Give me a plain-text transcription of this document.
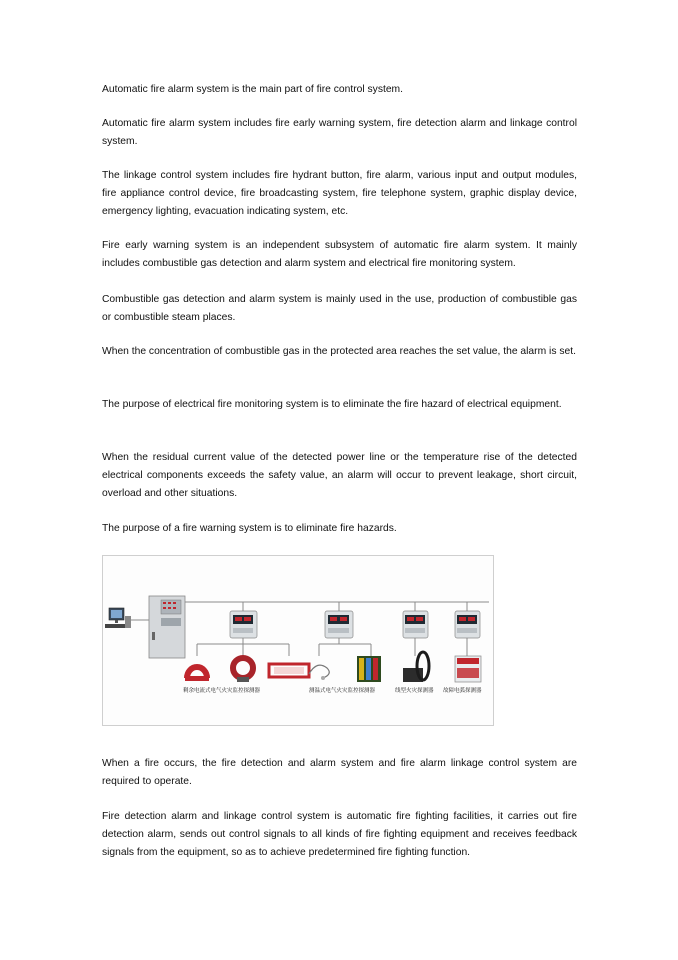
Automatic fire alarm system is the main part of fire control system.

Automatic fire alarm system includes fire early warning system, fire detection alarm and linkage control system.

The linkage control system includes fire hydrant button, fire alarm, various input and output modules, fire appliance control device, fire broadcasting system, fire telephone system, graphic display device, emergency lighting, evacuation indicating system, etc.

Fire early warning system is an independent subsystem of automatic fire alarm system. It mainly includes combustible gas detection and alarm system and electrical fire monitoring system.

Combustible gas detection and alarm system is mainly used in the use, production of combustible gas or combustible steam places.

When the concentration of combustible gas in the protected area reaches the set value, the alarm is set.

The purpose of electrical fire monitoring system is to eliminate the fire hazard of electrical equipment.

When the residual current value of the detected power line or the temperature rise of the detected electrical components exceeds the safety value, an alarm will occur to prevent leakage, short circuit, overload and other situations.

The purpose of a fire warning system is to eliminate fire hazards.

剩余电流式电气火灾监控探测器	测温式电气火灾监控探测器	线型火灾探测器 故障电弧探测器

When a fire occurs, the fire detection and alarm system and fire alarm linkage control system are required to operate.

Fire detection alarm and linkage control system is automatic fire fighting facilities, it carries out fire detection alarm, sends out control signals to all kinds of fire fighting equipment and receives feedback signals from the equipment, so as to achieve predetermined fire fighting function.
